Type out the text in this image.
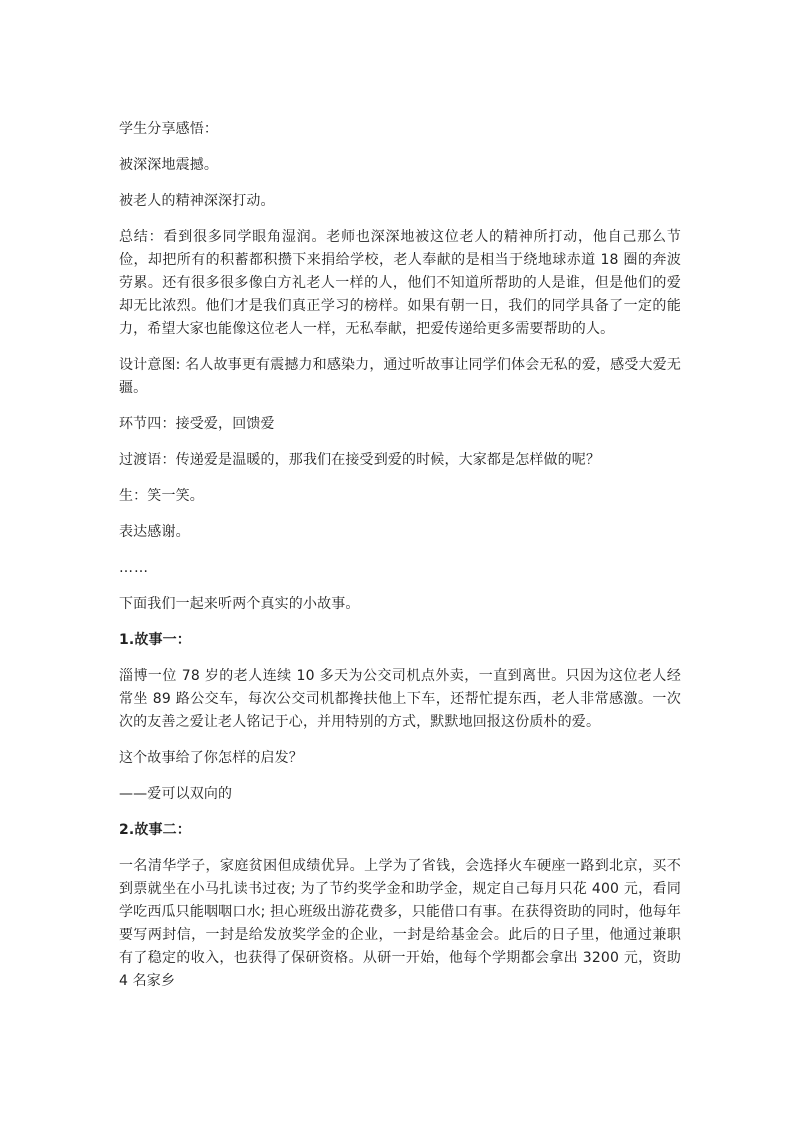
学生分享感悟：

被深深地震撼。

被老人的精神深深打动。

总结：看到很多同学眼角湿润。老师也深深地被这位老人的精神所打动，他自己那么节俭，却把所有的积蓄都积攒下来捐给学校，老人奉献的是相当于绕地球赤道 18 圈的奔波劳累。还有很多很多像白方礼老人一样的人，他们不知道所帮助的人是谁，但是他们的爱却无比浓烈。他们才是我们真正学习的榜样。如果有朝一日，我们的同学具备了一定的能力，希望大家也能像这位老人一样，无私奉献，把爱传递给更多需要帮助的人。

设计意图: 名人故事更有震撼力和感染力，通过听故事让同学们体会无私的爱，感受大爱无疆。

环节四：接受爱，回馈爱

过渡语：传递爱是温暖的，那我们在接受到爱的时候，大家都是怎样做的呢？

生：笑一笑。

表达感谢。

……

下面我们一起来听两个真实的小故事。

1.故事一：

淄博一位 78 岁的老人连续 10 多天为公交司机点外卖，一直到离世。只因为这位老人经常坐 89 路公交车，每次公交司机都搀扶他上下车，还帮忙提东西，老人非常感激。一次次的友善之爱让老人铭记于心，并用特别的方式，默默地回报这份质朴的爱。

这个故事给了你怎样的启发？

——爱可以双向的

2.故事二：

一名清华学子，家庭贫困但成绩优异。上学为了省钱，会选择火车硬座一路到北京，买不到票就坐在小马扎读书过夜; 为了节约奖学金和助学金，规定自己每月只花 400 元，看同学吃西瓜只能咽咽口水; 担心班级出游花费多，只能借口有事。在获得资助的同时，他每年要写两封信，一封是给发放奖学金的企业，一封是给基金会。此后的日子里，他通过兼职有了稳定的收入，也获得了保研资格。从研一开始，他每个学期都会拿出 3200 元，资助 4 名家乡
